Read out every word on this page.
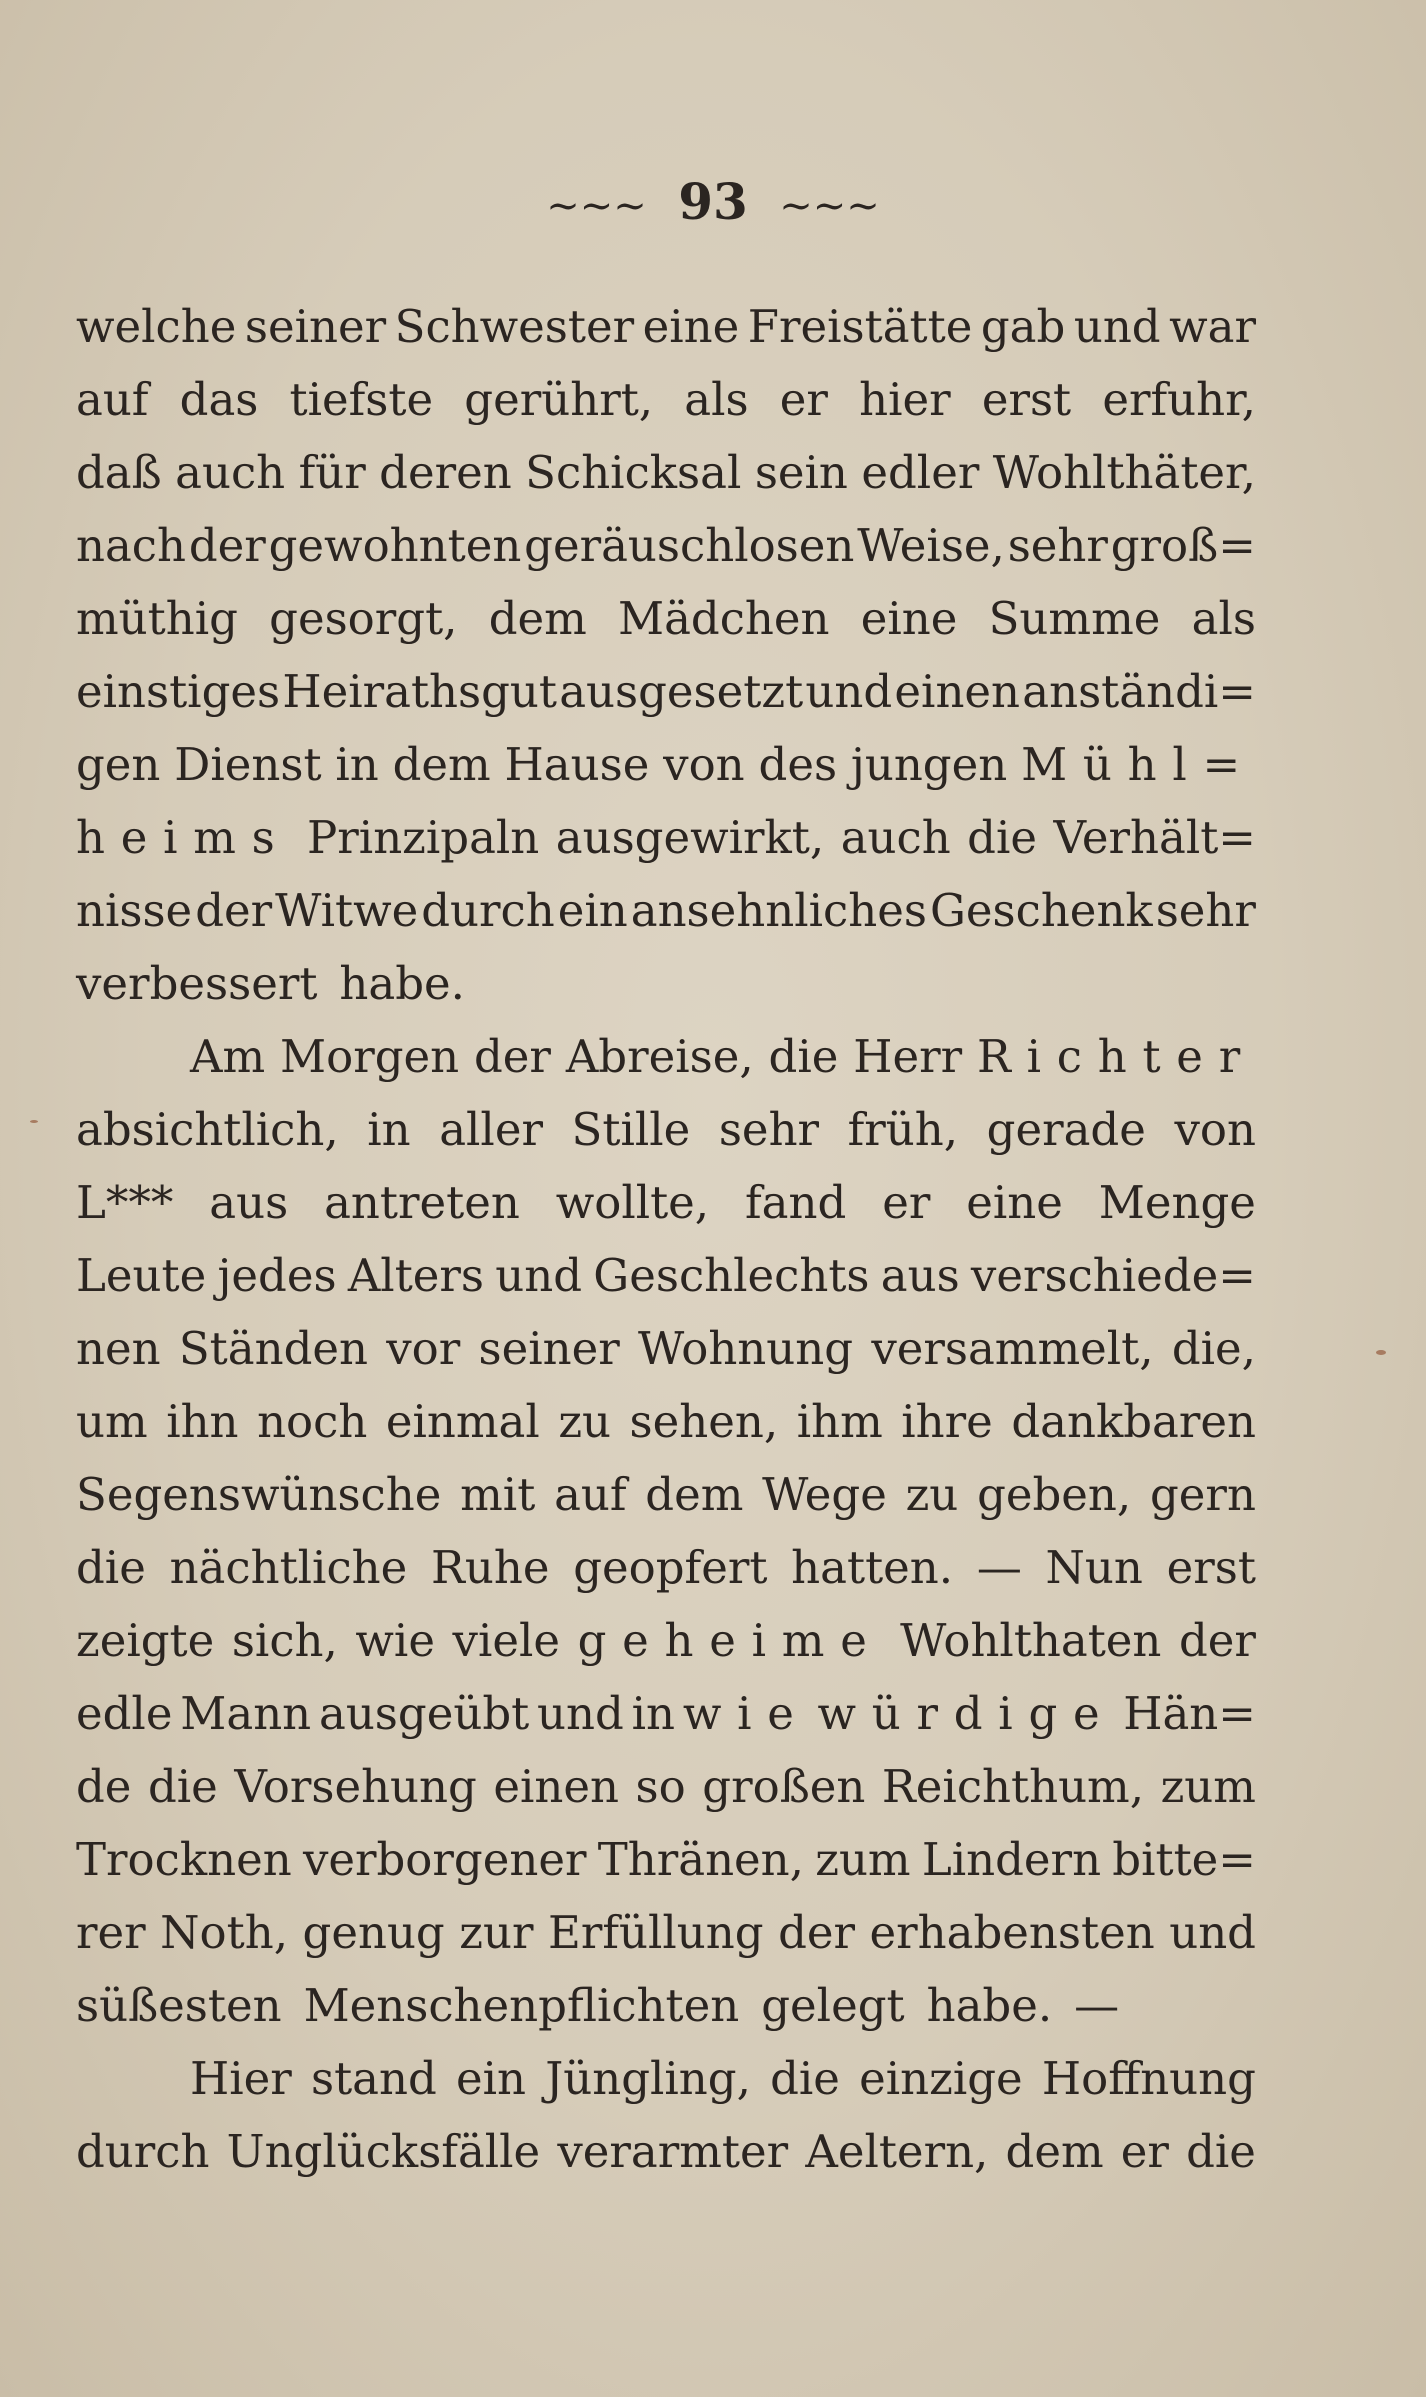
~~~ 93 ~~~
welche seiner Schwester eine Freistätte gab und war
auf das tiefste gerührt, als er hier erst erfuhr,
daß auch für deren Schicksal sein edler Wohlthäter,
nach der gewohnten geräuschlosen Weise, sehr groß=
müthig gesorgt, dem Mädchen eine Summe als
einstiges Heirathsgut ausgesetzt und einen anständi=
gen Dienst in dem Hause von des jungen Mühl=
heims Prinzipaln ausgewirkt, auch die Verhält=
nisse der Witwe durch ein ansehnliches Geschenk sehr
verbessert habe.
Am Morgen der Abreise, die Herr Richter
absichtlich, in aller Stille sehr früh, gerade von
L*** aus antreten wollte, fand er eine Menge
Leute jedes Alters und Geschlechts aus verschiede=
nen Ständen vor seiner Wohnung versammelt, die,
um ihn noch einmal zu sehen, ihm ihre dankbaren
Segenswünsche mit auf dem Wege zu geben, gern
die nächtliche Ruhe geopfert hatten. — Nun erst
zeigte sich, wie viele geheime Wohlthaten der
edle Mann ausgeübt und in wie würdige Hän=
de die Vorsehung einen so großen Reichthum, zum
Trocknen verborgener Thränen, zum Lindern bitte=
rer Noth, genug zur Erfüllung der erhabensten und
süßesten Menschenpflichten gelegt habe. —
Hier stand ein Jüngling, die einzige Hoffnung
durch Unglücksfälle verarmter Aeltern, dem er die
